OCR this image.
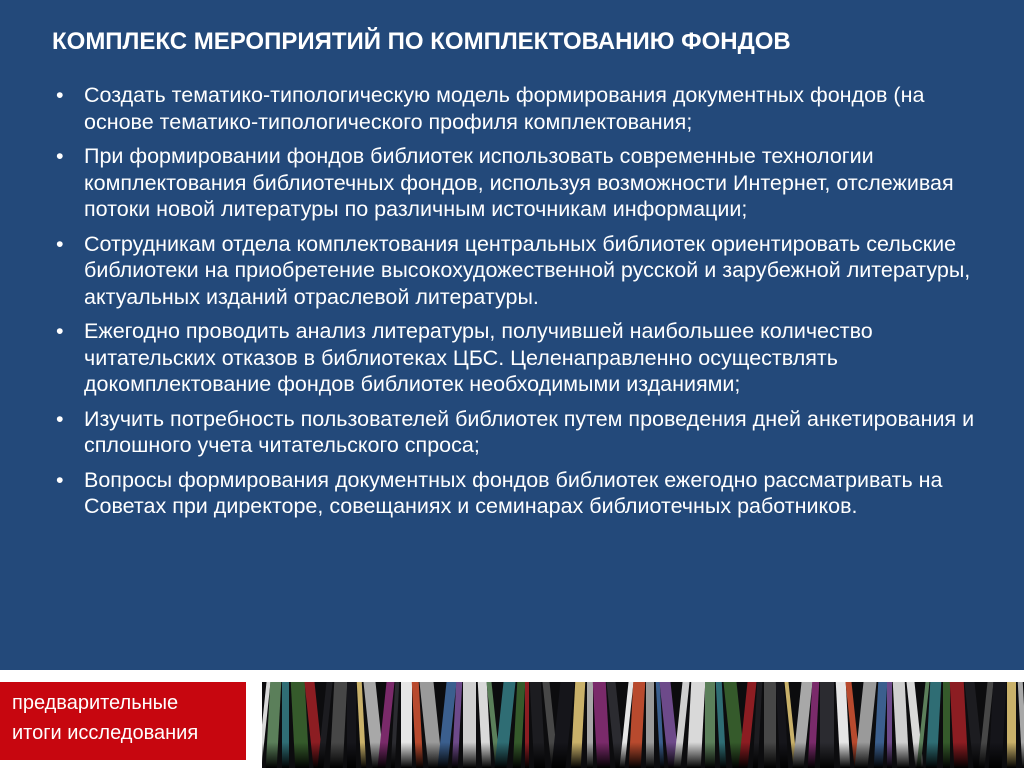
КОМПЛЕКС МЕРОПРИЯТИЙ ПО КОМПЛЕКТОВАНИЮ ФОНДОВ
• Создать тематико-типологическую модель формирования документных фондов (на основе тематико-типологического профиля комплектования;
• При формировании фондов библиотек использовать современные технологии комплектования библиотечных фондов, используя возможности Интернет, отслеживая потоки новой литературы по различным источникам информации;
• Сотрудникам отдела комплектования центральных библиотек ориентировать сельские библиотеки на приобретение высокохудожественной русской и зарубежной литературы, актуальных изданий отраслевой литературы.
• Ежегодно проводить анализ литературы, получившей наибольшее количество читательских отказов в библиотеках ЦБС. Целенаправленно осуществлять докомплектование фондов библиотек необходимыми изданиями;
• Изучить потребность пользователей библиотек путем проведения дней анкетирования и сплошного учета читательского спроса;
• Вопросы формирования документных фондов библиотек ежегодно рассматривать на Советах при директоре, совещаниях и семинарах библиотечных работников.
предварительные
итоги исследования
